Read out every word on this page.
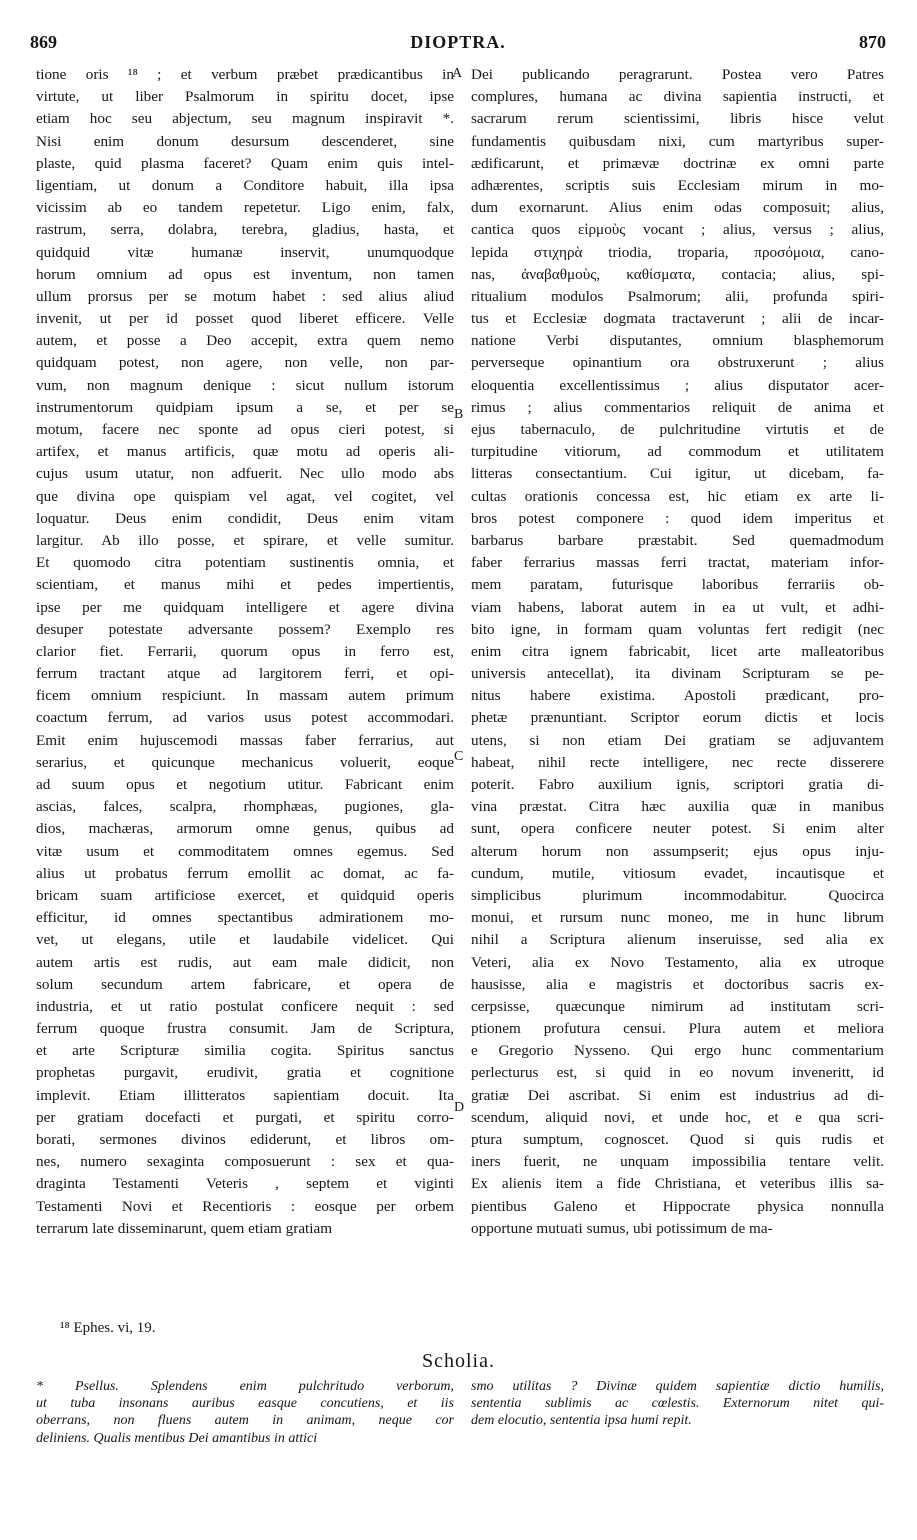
869	DIOPTRA.	870
tione oris ¹⁸ ; et verbum præbet prædicantibus in
virtute, ut liber Psalmorum in spiritu docet, ipse
etiam hoc seu abjectum, seu magnum inspiravit *.
Nisi enim donum desursum descenderet, sine
plaste, quid plasma faceret? Quam enim quis intel-
ligentiam, ut donum a Conditore habuit, illa ipsa
vicissim ab eo tandem repetetur. Ligo enim, falx,
rastrum, serra, dolabra, terebra, gladius, hasta, et
quidquid vitæ humanæ inservit, unumquodque
horum omnium ad opus est inventum, non tamen
ullum prorsus per se motum habet : sed alius aliud
invenit, ut per id posset quod liberet efficere. Velle
autem, et posse a Deo accepit, extra quem nemo
quidquam potest, non agere, non velle, non par-
vum, non magnum denique : sicut nullum istorum
instrumentorum quidpiam ipsum a se, et per se
motum, facere nec sponte ad opus cieri potest, si
artifex, et manus artificis, quæ motu ad operis ali-
cujus usum utatur, non adfuerit. Nec ullo modo abs
que divina ope quispiam vel agat, vel cogitet, vel
loquatur. Deus enim condidit, Deus enim vitam
largitur. Ab illo posse, et spirare, et velle sumitur.
Et quomodo citra potentiam sustinentis omnia, et
scientiam, et manus mihi et pedes impertientis,
ipse per me quidquam intelligere et agere divina
desuper potestate adversante possem? Exemplo res
clarior fiet. Ferrarii, quorum opus in ferro est,
ferrum tractant atque ad largitorem ferri, et opi-
ficem omnium respiciunt. In massam autem primum
coactum ferrum, ad varios usus potest accommodari.
Emit enim hujuscemodi massas faber ferrarius, aut
serarius, et quicunque mechanicus voluerit, eoque
ad suum opus et negotium utitur. Fabricant enim
ascias, falces, scalpra, rhomphæas, pugiones, gla-
dios, machæras, armorum omne genus, quibus ad
vitæ usum et commoditatem omnes egemus. Sed
alius ut probatus ferrum emollit ac domat, ac fa-
bricam suam artificiose exercet, et quidquid operis
efficitur, id omnes spectantibus admirationem mo-
vet, ut elegans, utile et laudabile videlicet. Qui
autem artis est rudis, aut eam male didicit, non
solum secundum artem fabricare, et opera de
industria, et ut ratio postulat conficere nequit : sed
ferrum quoque frustra consumit. Jam de Scriptura,
et arte Scripturæ similia cogita. Spiritus sanctus
prophetas purgavit, erudivit, gratia et cognitione
implevit. Etiam illitteratos sapientiam docuit. Ita
per gratiam docefacti et purgati, et spiritu corro-
borati, sermones divinos ediderunt, et libros om-
nes, numero sexaginta composuerunt : sex et qua-
draginta Testamenti Veteris , septem et viginti
Testamenti Novi et Recentioris : eosque per orbem
terrarum late disseminarunt, quem etiam gratiam
Dei publicando peragrarunt. Postea vero Patres
complures, humana ac divina sapientia instructi, et
sacrarum rerum scientissimi, libris hisce velut
fundamentis quibusdam nixi, cum martyribus super-
ædificarunt, et primævæ doctrinæ ex omni parte
adhærentes, scriptis suis Ecclesiam mirum in mo-
dum exornarunt. Alius enim odas composuit; alius,
cantica quos εἱρμοὺς vocant ; alius, versus ; alius,
lepida στιχηρὰ triodia, troparia, προσόμοια, cano-
nas, ἀναβαθμοὺς, καθίσματα, contacia; alius, spi-
ritualium modulos Psalmorum; alii, profunda spiri-
tus et Ecclesiæ dogmata tractaverunt ; alii de incar-
natione Verbi disputantes, omnium blasphemorum
perverseque opinantium ora obstruxerunt ; alius
eloquentia excellentissimus ; alius disputator acer-
rimus ; alius commentarios reliquit de anima et
ejus tabernaculo, de pulchritudine virtutis et de
turpitudine vitiorum, ad commodum et utilitatem
litteras consectantium. Cui igitur, ut dicebam, fa-
cultas orationis concessa est, hic etiam ex arte li-
bros potest componere : quod idem imperitus et
barbarus barbare præstabit. Sed quemadmodum
faber ferrarius massas ferri tractat, materiam infor-
mem paratam, futurisque laboribus ferrariis ob-
viam habens, laborat autem in ea ut vult, et adhi-
bito igne, in formam quam voluntas fert redigit (nec
enim citra ignem fabricabit, licet arte malleatoribus
universis antecellat), ita divinam Scripturam se pe-
nitus habere existima. Apostoli prædicant, pro-
phetæ prænuntiant. Scriptor eorum dictis et locis
utens, si non etiam Dei gratiam se adjuvantem
habeat, nihil recte intelligere, nec recte disserere
poterit. Fabro auxilium ignis, scriptori gratia di-
vina præstat. Citra hæc auxilia quæ in manibus
sunt, opera conficere neuter potest. Si enim alter
alterum horum non assumpserit; ejus opus inju-
cundum, mutile, vitiosum evadet, incautisque et
simplicibus plurimum incommodabitur. Quocirca
monui, et rursum nunc moneo, me in hunc librum
nihil a Scriptura alienum inseruisse, sed alia ex
Veteri, alia ex Novo Testamento, alia ex utroque
hausisse, alia e magistris et doctoribus sacris ex-
cerpsisse, quæcunque nimirum ad institutam scri-
ptionem profutura censui. Plura autem et meliora
e Gregorio Nysseno. Qui ergo hunc commentarium
perlecturus est, si quid in eo novum inveneritt, id
gratiæ Dei ascribat. Si enim est industrius ad di-
scendum, aliquid novi, et unde hoc, et e qua scri-
ptura sumptum, cognoscet. Quod si quis rudis et
iners fuerit, ne unquam impossibilia tentare velit.
Ex alienis item a fide Christiana, et veteribus illis sa-
pientibus Galeno et Hippocrate physica nonnulla
opportune mutuati sumus, ubi potissimum de ma-
A
B
C
D
¹⁸ Ephes. vi, 19.
Scholia.
* Psellus. Splendens enim pulchritudo verborum,
ut tuba insonans auribus easque concutiens, et iis
oberrans, non fluens autem in animam, neque cor
deliniens. Qualis mentibus Dei amantibus in attici
smo utilitas ? Divinæ quidem sapientiæ dictio humilis,
sententia sublimis ac cœlestis. Externorum nitet qui-
dem elocutio, sententia ipsa humi repit.
